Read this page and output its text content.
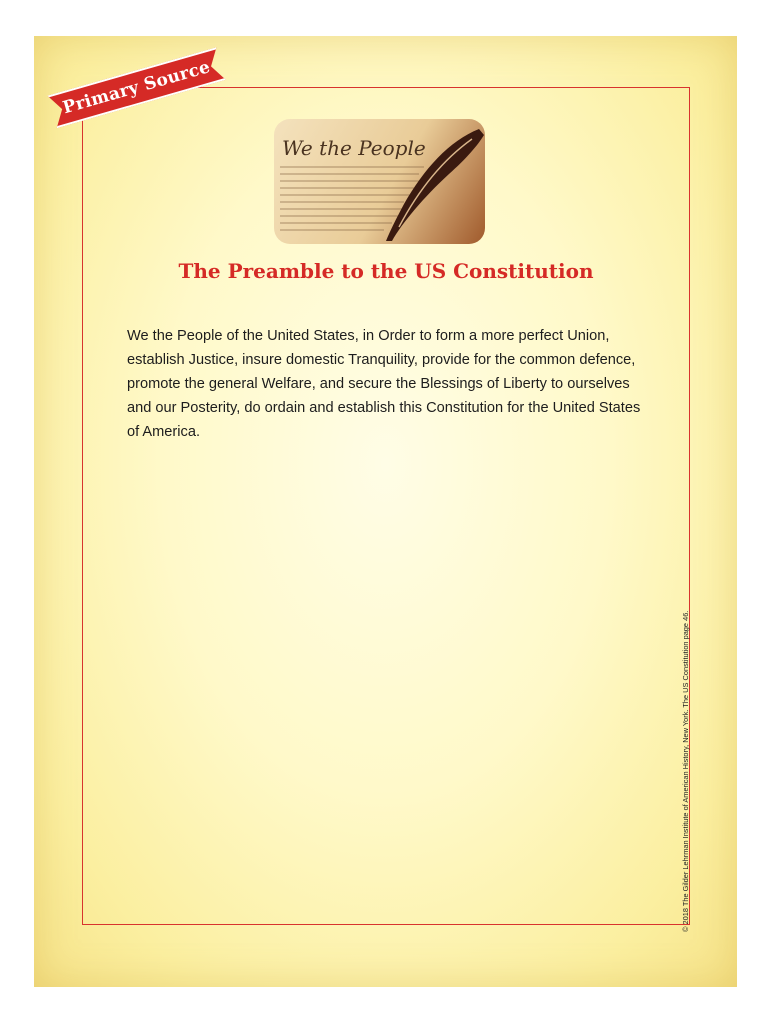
Primary Source
We the People
The Preamble to the US Constitution

We the People of the United States, in Order to form a more perfect Union, establish Justice, insure domestic Tranquility, provide for the common defence, promote the general Welfare, and secure the Blessings of Liberty to ourselves and our Posterity, do ordain and establish this Constitution for the United States of America.

© 2018 The Gilder Lehrman Institute of American History, New York. The US Constitution page 46.
